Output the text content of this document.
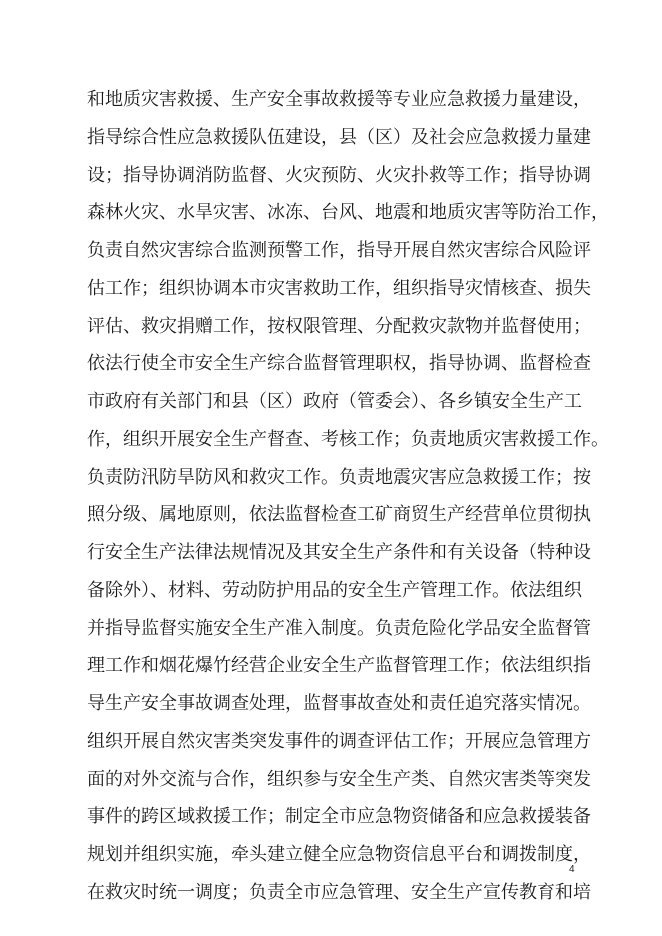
和地质灾害救援、生产安全事故救援等专业应急救援力量建设，
指导综合性应急救援队伍建设，县（区）及社会应急救援力量建
设；指导协调消防监督、火灾预防、火灾扑救等工作；指导协调
森林火灾、水旱灾害、冰冻、台风、地震和地质灾害等防治工作，
负责自然灾害综合监测预警工作，指导开展自然灾害综合风险评
估工作；组织协调本市灾害救助工作，组织指导灾情核查、损失
评估、救灾捐赠工作，按权限管理、分配救灾款物并监督使用；
依法行使全市安全生产综合监督管理职权，指导协调、监督检查
市政府有关部门和县（区）政府（管委会）、各乡镇安全生产工
作，组织开展安全生产督查、考核工作；负责地质灾害救援工作。
负责防汛防旱防风和救灾工作。负责地震灾害应急救援工作；按
照分级、属地原则，依法监督检查工矿商贸生产经营单位贯彻执
行安全生产法律法规情况及其安全生产条件和有关设备（特种设
备除外）、材料、劳动防护用品的安全生产管理工作。依法组织
并指导监督实施安全生产准入制度。负责危险化学品安全监督管
理工作和烟花爆竹经营企业安全生产监督管理工作；依法组织指
导生产安全事故调查处理，监督事故查处和责任追究落实情况。
组织开展自然灾害类突发事件的调查评估工作；开展应急管理方
面的对外交流与合作，组织参与安全生产类、自然灾害类等突发
事件的跨区域救援工作；制定全市应急物资储备和应急救援装备
规划并组织实施，牵头建立健全应急物资信息平台和调拨制度，
在救灾时统一调度；负责全市应急管理、安全生产宣传教育和培
4
